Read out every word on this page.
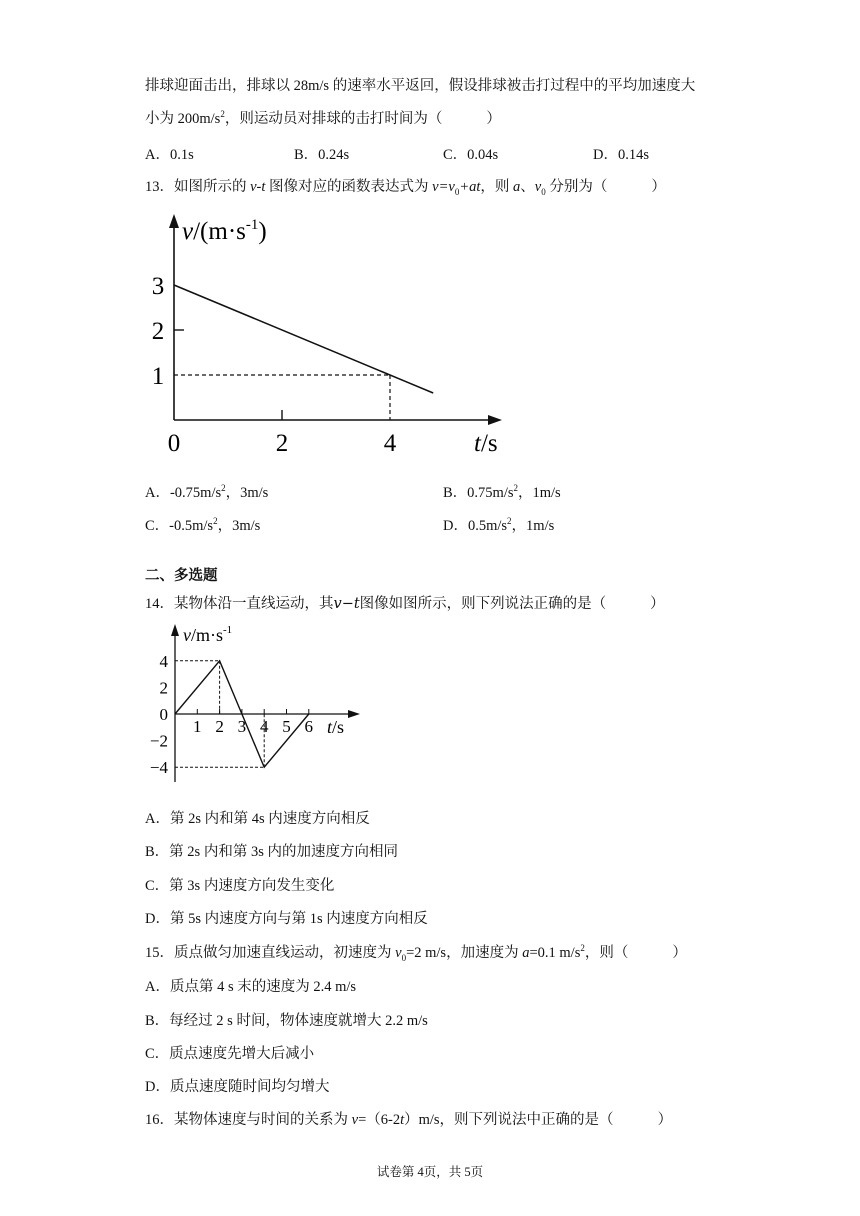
排球迎面击出，排球以 28m/s 的速率水平返回，假设排球被击打过程中的平均加速度大
小为 $200m/s^2$，则运动员对排球的击打时间为（	）
A．0.1s	B．0.24s	C．0.04s	D．0.14s
13．如图所示的 v-t 图像对应的函数表达式为 $v=v_0+at$，则 a、$v_0$ 分别为（	）
$v/(m\cdot s^{-1})$
t/s
1
2
3
0	2	4
A．$-0.75m/s^2$，3m/s	B．$0.75m/s^2$，1m/s
C．$-0.5m/s^2$，3m/s	D．$0.5m/s^2$，1m/s
二、多选题
14．某物体沿一直线运动，其v−t图像如图所示，则下列说法正确的是（	）
$v/m\cdot s^{-1}$
t/s
4
2
0
−2
−4
1 2 3 4 5 6
A．第 2s 内和第 4s 内速度方向相反
B．第 2s 内和第 3s 内的加速度方向相同
C．第 3s 内速度方向发生变化
D．第 5s 内速度方向与第 1s 内速度方向相反
15．质点做匀加速直线运动，初速度为 $v_0=2$ m/s，加速度为 a=0.1 $m/s^2$，则（	）
A．质点第 4 s 末的速度为 2.4 m/s
B．每经过 2 s 时间，物体速度就增大 2.2 m/s
C．质点速度先增大后减小
D．质点速度随时间均匀增大
16．某物体速度与时间的关系为 v=（6-2t）m/s，则下列说法中正确的是（	）
试卷第 4页，共 5页
